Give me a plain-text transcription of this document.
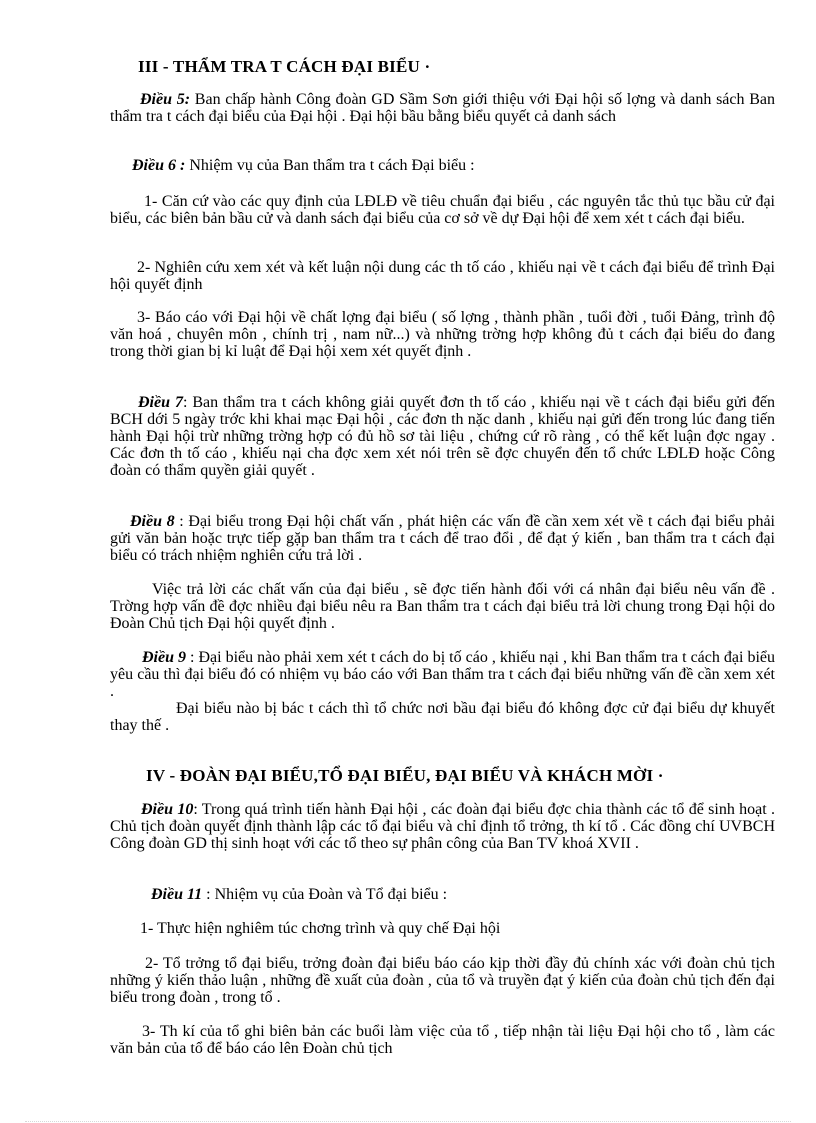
III - THẨM TRA T CÁCH ĐẠI BIỂU ·
Điều 5: Ban chấp hành Công đoàn GD Sầm Sơn giới thiệu với Đại hội số lợng và danh sách Ban thẩm tra t cách đại biểu của Đại hội . Đại hội bầu bằng biểu quyết cả danh sách
Điều 6 : Nhiệm vụ của Ban thẩm tra t cách Đại biểu :
1- Căn cứ vào các quy định của LĐLĐ về tiêu chuẩn đại biểu , các nguyên tắc thủ tục bầu cử đại biểu, các biên bản bầu cử và danh sách đại biểu của cơ sở về dự Đại hội để xem xét t cách đại biểu.
2- Nghiên cứu xem xét và kết luận nội dung các th tố cáo , khiếu nại về t cách đại biểu để trình Đại hội quyết định
3- Báo cáo với Đại hội về chất lợng đại biểu ( số lợng , thành phần , tuổi đời , tuổi Đảng, trình độ văn hoá , chuyên môn , chính trị , nam nữ...) và những trờng hợp không đủ t cách đại biểu do đang trong thời gian bị kỉ luật để Đại hội xem xét quyết định .
Điều 7: Ban thẩm tra t cách không giải quyết đơn th tố cáo , khiếu nại về t cách đại biểu gửi đến BCH dới 5 ngày trớc khi khai mạc Đại hội , các đơn th nặc danh , khiếu nại gửi đến trong lúc đang tiến hành Đại hội trừ những trờng hợp có đủ hồ sơ tài liệu , chứng cứ rõ ràng , có thể kết luận đợc ngay . Các đơn th tố cáo , khiếu nại cha đợc xem xét nói trên sẽ đợc chuyển đến tổ chức LĐLĐ hoặc Công đoàn có thẩm quyền giải quyết .
Điều 8 : Đại biểu trong Đại hội chất vấn , phát hiện các vấn đề cần xem xét về t cách đại biểu phải gửi văn bản hoặc trực tiếp gặp ban thẩm tra t cách để trao đổi , để đạt ý kiến , ban thẩm tra t cách đại biểu có trách nhiệm nghiên cứu trả lời .
Việc trả lời các chất vấn của đại biểu , sẽ đợc tiến hành đối với cá nhân đại biểu nêu vấn đề . Trờng hợp vấn đề đợc nhiều đại biểu nêu ra Ban thẩm tra t cách đại biểu trả lời chung trong Đại hội do Đoàn Chủ tịch Đại hội quyết định .
Điều 9 : Đại biểu nào phải xem xét t cách do bị tố cáo , khiếu nại , khi Ban thẩm tra t cách đại biểu yêu cầu thì đại biểu đó có nhiệm vụ báo cáo với Ban thẩm tra t cách đại biểu những vấn đề cần xem xét .
Đại biểu nào bị bác t cách thì tổ chức nơi bầu đại biểu đó không đợc cử đại biểu dự khuyết thay thế .
IV - ĐOÀN ĐẠI BIỂU,TỔ ĐẠI BIỂU, ĐẠI BIỂU VÀ KHÁCH MỜI ·
Điều 10: Trong quá trình tiến hành Đại hội , các đoàn đại biểu đợc chia thành các tổ để sinh hoạt . Chủ tịch đoàn quyết định thành lập các tổ đại biểu và chỉ định tổ trởng, th kí tổ . Các đồng chí UVBCH Công đoàn GD thị sinh hoạt với các tổ theo sự phân công của Ban TV khoá XVII .
Điều 11 : Nhiệm vụ của Đoàn và Tổ đại biểu :
1- Thực hiện nghiêm túc chơng trình và quy chế Đại hội
2- Tổ trởng tổ đại biểu, trởng đoàn đại biểu báo cáo kịp thời đầy đủ chính xác với đoàn chủ tịch những ý kiến thảo luận , những đề xuất của đoàn , của tổ và truyền đạt ý kiến của đoàn chủ tịch đến đại biểu trong đoàn , trong tổ .
3- Th kí của tổ ghi biên bản các buổi làm việc của tổ , tiếp nhận tài liệu Đại hội cho tổ , làm các văn bản của tổ để báo cáo lên Đoàn chủ tịch
